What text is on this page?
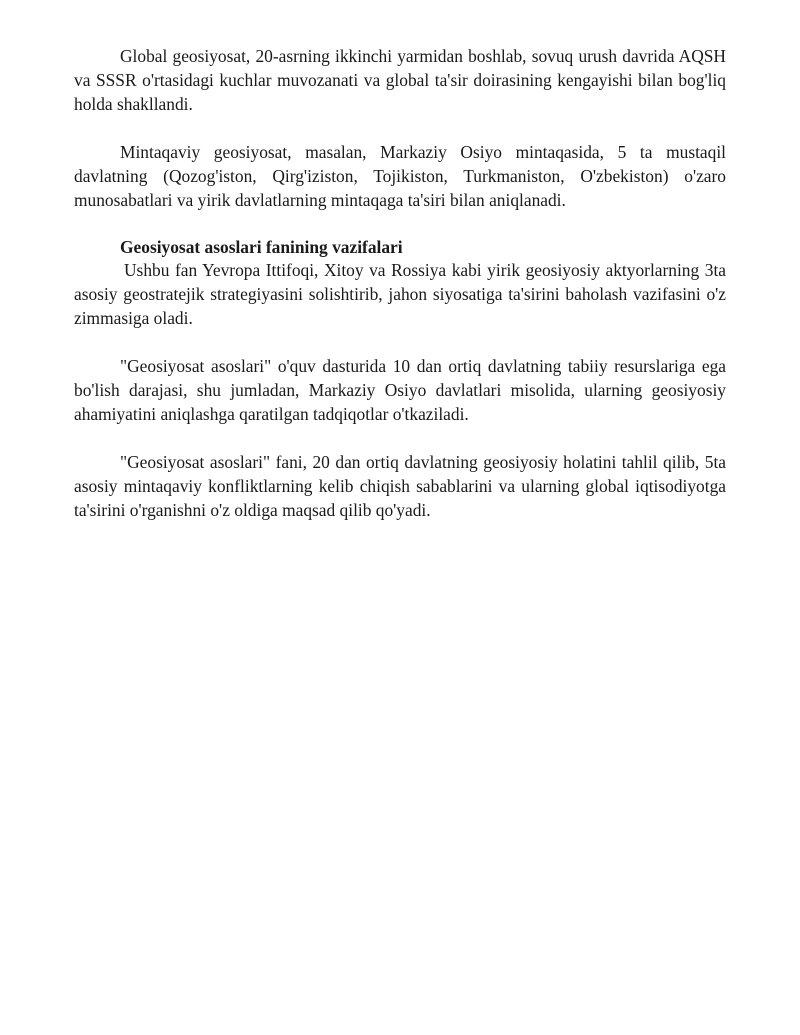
Global geosiyosat, 20-asrning ikkinchi yarmidan boshlab, sovuq urush davrida AQSH va SSSR o'rtasidagi kuchlar muvozanati va global ta'sir doirasining kengayishi bilan bog'liq holda shakllandi.

Mintaqaviy geosiyosat, masalan, Markaziy Osiyo mintaqasida, 5 ta mustaqil davlatning (Qozog'iston, Qirg'iziston, Tojikiston, Turkmaniston, O'zbekiston) o'zaro munosabatlari va yirik davlatlarning mintaqaga ta'siri bilan aniqlanadi.

Geosiyosat asoslari fanining vazifalari

Ushbu fan Yevropa Ittifoqi, Xitoy va Rossiya kabi yirik geosiyosiy aktyorlarning 3ta asosiy geostratejik strategiyasini solishtirib, jahon siyosatiga ta'sirini baholash vazifasini o'z zimmasiga oladi.

"Geosiyosat asoslari" o'quv dasturida 10 dan ortiq davlatning tabiiy resurslariga ega bo'lish darajasi, shu jumladan, Markaziy Osiyo davlatlari misolida, ularning geosiyosiy ahamiyatini aniqlashga qaratilgan tadqiqotlar o'tkaziladi.

"Geosiyosat asoslari" fani, 20 dan ortiq davlatning geosiyosiy holatini tahlil qilib, 5ta asosiy mintaqaviy konfliktlarning kelib chiqish sabablarini va ularning global iqtisodiyotga ta'sirini o'rganishni o'z oldiga maqsad qilib qo'yadi.
